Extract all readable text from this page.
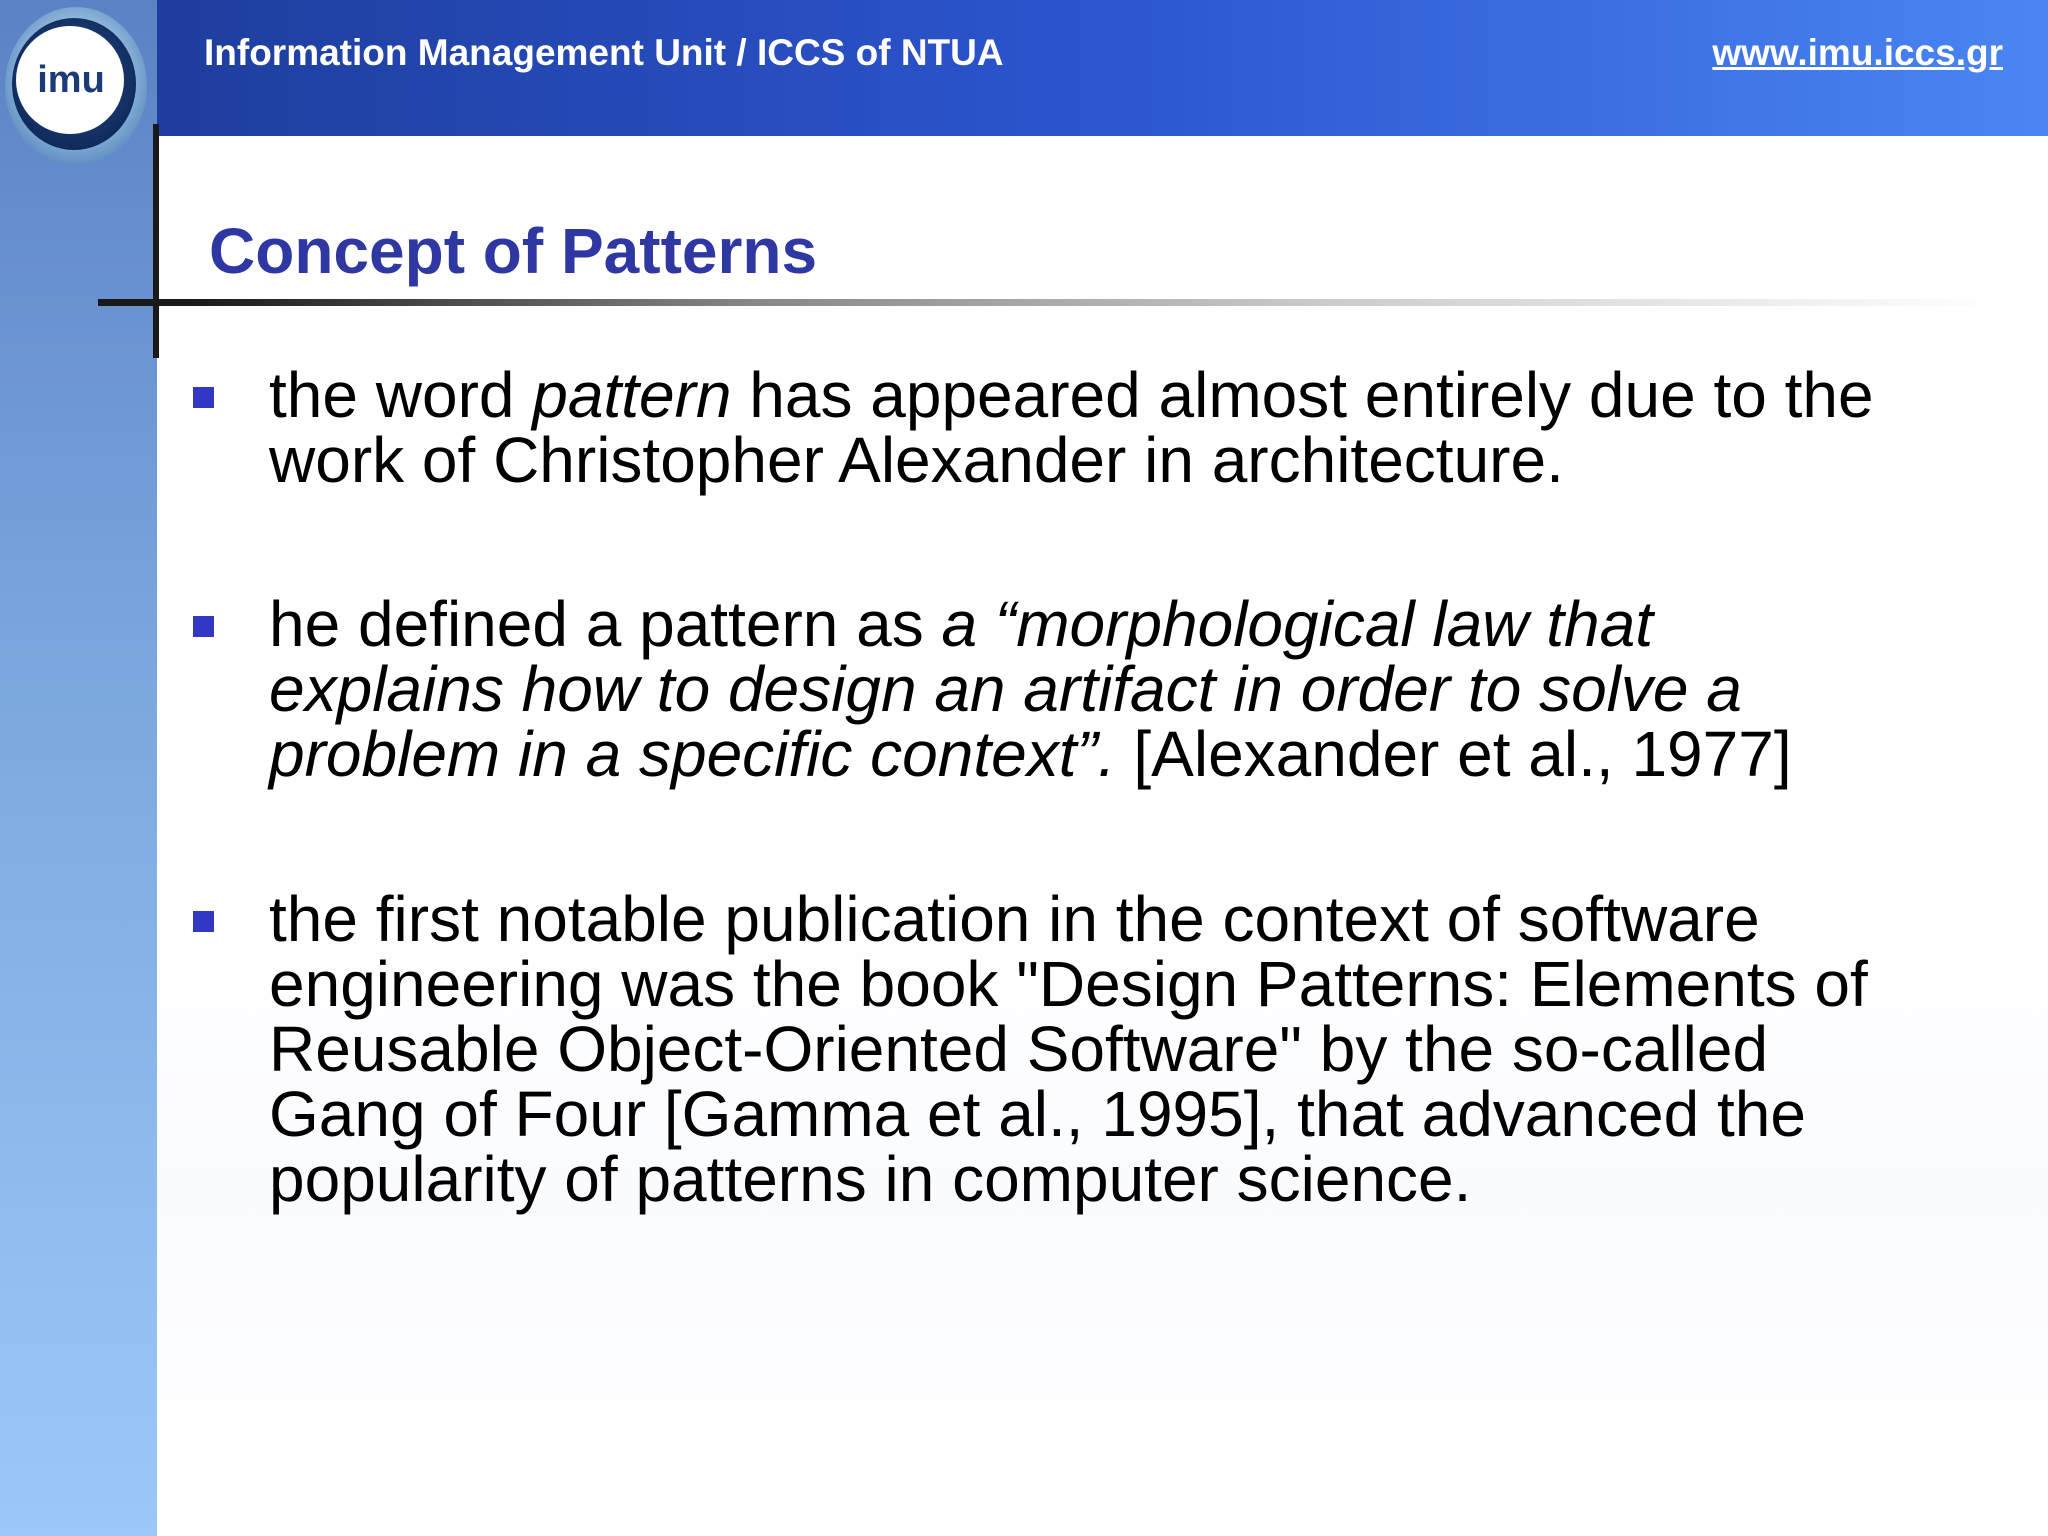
imu
Information Management Unit / ICCS of NTUA	www.imu.iccs.gr
Concept of Patterns

the word pattern has appeared almost entirely due to the

work of Christopher Alexander in architecture.

he defined a pattern as a “morphological law that

explains how to design an artifact in order to solve a

problem in a specific context”. [Alexander et al., 1977]

the first notable publication in the context of software

engineering was the book "Design Patterns: Elements of

Reusable Object-Oriented Software" by the so-called

Gang of Four [Gamma et al., 1995], that advanced the

popularity of patterns in computer science.
